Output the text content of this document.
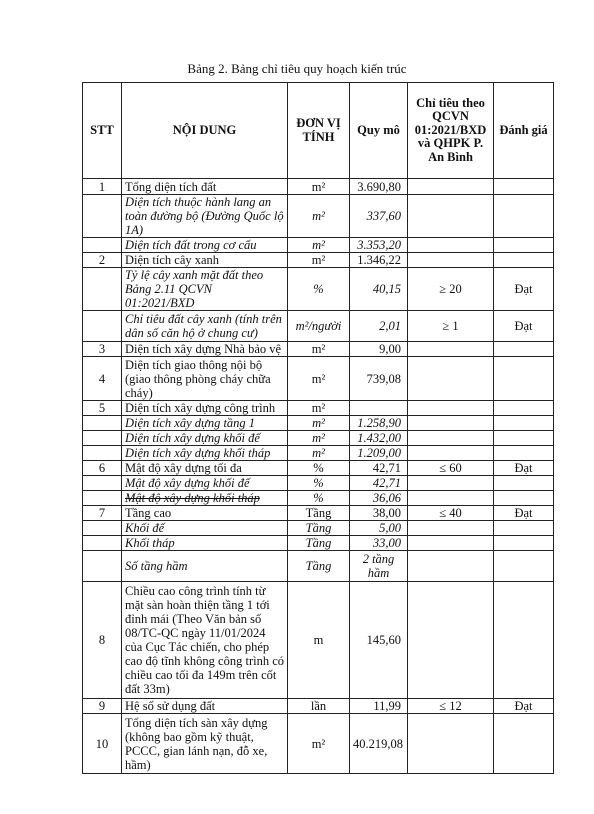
Bảng 2. Bảng chỉ tiêu quy hoạch kiến trúc
STT	NỘI DUNG	ĐƠN VỊ TÍNH	Quy mô	Chỉ tiêu theo QCVN 01:2021/BXD và QHPK P. An Bình	Đánh giá
1	Tổng diện tích đất	m²	3.690,80		
	Diện tích thuộc hành lang an toàn đường bộ (Đường Quốc lộ 1A)	m²	337,60		
	Diện tích đất trong cơ cấu	m²	3.353,20		
2	Diện tích cây xanh	m²	1.346,22		
	Tỷ lệ cây xanh mặt đất theo Bảng 2.11 QCVN 01:2021/BXD	%	40,15	≥ 20	Đạt
	Chỉ tiêu đất cây xanh (tính trên dân số căn hộ ở chung cư)	m²/người	2,01	≥ 1	Đạt
3	Diện tích xây dựng Nhà bảo vệ	m²	9,00		
4	Diện tích giao thông nội bộ (giao thông phòng cháy chữa cháy)	m²	739,08		
5	Diện tích xây dựng công trình	m²			
	Diện tích xây dựng tầng 1	m²	1.258,90		
	Diện tích xây dựng khối đế	m²	1.432,00		
	Diện tích xây dựng khối tháp	m²	1.209,00		
6	Mật độ xây dựng tối đa	%	42,71	≤ 60	Đạt
	Mật độ xây dựng khối đế	%	42,71		
	Mật độ xây dựng khối tháp	%	36,06		
7	Tầng cao	Tầng	38,00	≤ 40	Đạt
	Khối đế	Tầng	5,00		
	Khối tháp	Tầng	33,00		
	Số tầng hầm	Tầng	2 tầng hầm		
8	Chiều cao công trình tính từ mặt sàn hoàn thiện tầng 1 tới đỉnh mái (Theo Văn bản số 08/TC-QC ngày 11/01/2024 của Cục Tác chiến, cho phép cao độ tĩnh không công trình có chiều cao tối đa 149m trên cốt đất 33m)	m	145,60		
9	Hệ số sử dụng đất	lần	11,99	≤ 12	Đạt
10	Tổng diện tích sàn xây dựng (không bao gồm kỹ thuật, PCCC, gian lánh nạn, đỗ xe, hầm)	m²	40.219,08		
